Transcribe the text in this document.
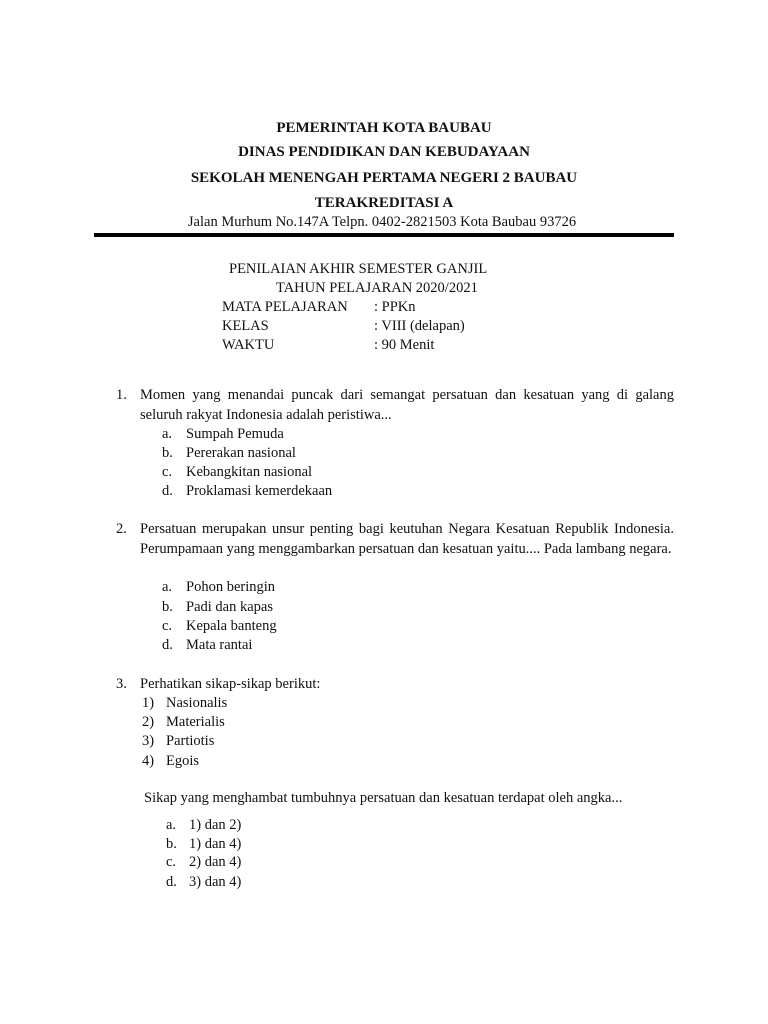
PEMERINTAH KOTA BAUBAU
DINAS PENDIDIKAN DAN KEBUDAYAAN
SEKOLAH MENENGAH PERTAMA NEGERI 2 BAUBAU
TERAKREDITASI A
Jalan Murhum No.147A Telpn. 0402-2821503 Kota Baubau 93726
PENILAIAN AKHIR SEMESTER GANJIL
TAHUN PELAJARAN 2020/2021
MATA PELAJARAN : PPKn
KELAS	: VIII (delapan)
WAKTU	: 90 Menit
1. Momen yang menandai puncak dari semangat persatuan dan kesatuan yang di galang seluruh rakyat Indonesia adalah peristiwa...
a. Sumpah Pemuda
b. Pererakan nasional
c. Kebangkitan nasional
d. Proklamasi kemerdekaan
2. Persatuan merupakan unsur penting bagi keutuhan Negara Kesatuan Republik Indonesia. Perumpamaan yang menggambarkan persatuan dan kesatuan yaitu.... Pada lambang negara.
a. Pohon beringin
b. Padi dan kapas
c. Kepala banteng
d. Mata rantai
3. Perhatikan sikap-sikap berikut:
1) Nasionalis
2) Materialis
3) Partiotis
4) Egois
Sikap yang menghambat tumbuhnya persatuan dan kesatuan terdapat oleh angka...
a. 1) dan 2)
b. 1) dan 4)
c. 2) dan 4)
d. 3) dan 4)
